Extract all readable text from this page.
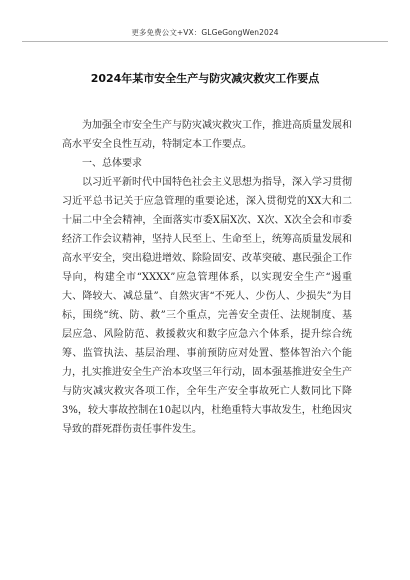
更多免费公文+VX：GLGeGongWen2024
2024年某市安全生产与防灾减灾救灾工作要点

为加强全市安全生产与防灾减灾救灾工作，推进高质量发展和高水平安全良性互动，特制定本工作要点。

一、总体要求

以习近平新时代中国特色社会主义思想为指导，深入学习贯彻习近平总书记关于应急管理的重要论述，深入贯彻党的XX大和二十届二中全会精神，全面落实市委X届X次、X次、X次全会和市委经济工作会议精神，坚持人民至上、生命至上，统筹高质量发展和高水平安全，突出稳进增效、除险固安、改革突破、惠民强企工作导向，构建全市“XXXX”应急管理体系，以实现安全生产“遏重大、降较大、减总量”、自然灾害“不死人、少伤人、少损失”为目标，围绕“统、防、救”三个重点，完善安全责任、法规制度、基层应急、风险防范、救援救灾和数字应急六个体系，提升综合统筹、监管执法、基层治理、事前预防应对处置、整体智治六个能力，扎实推进安全生产治本攻坚三年行动，固本强基推进安全生产与防灾减灾救灾各项工作，全年生产安全事故死亡人数同比下降3%，较大事故控制在10起以内，杜绝重特大事故发生，杜绝因灾导致的群死群伤责任事件发生。
